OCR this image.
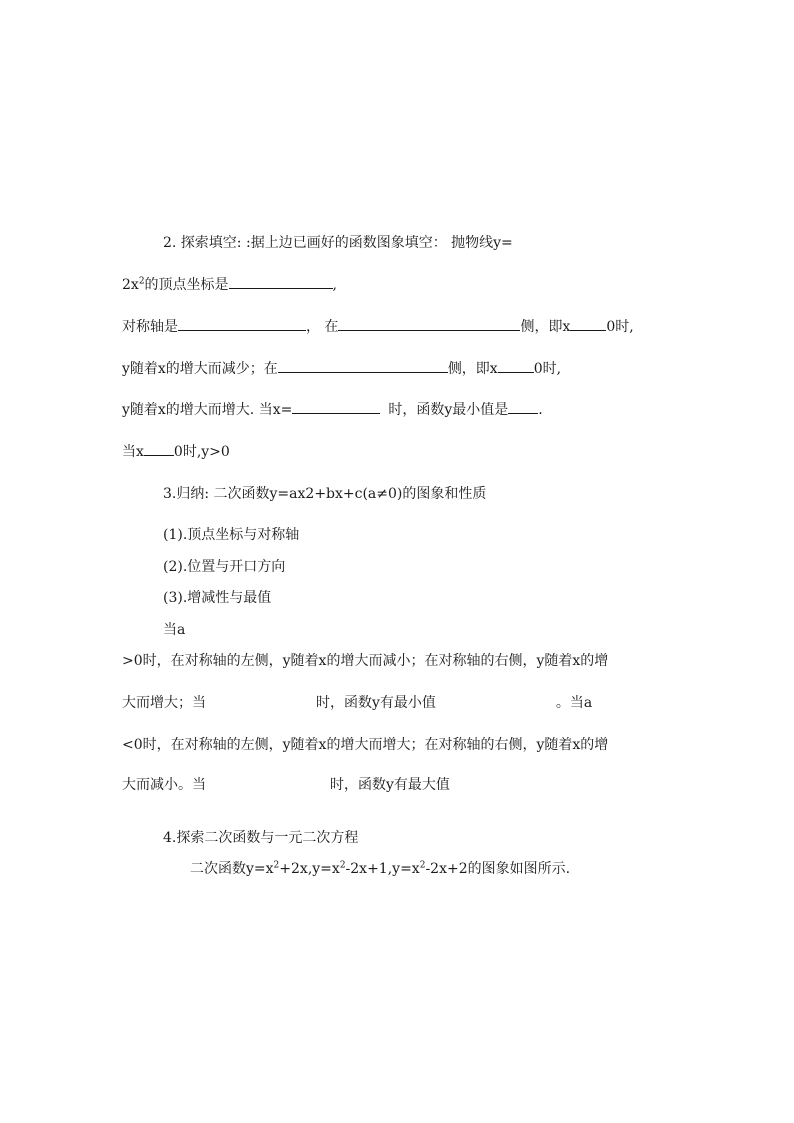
2. 探索填空: :据上边已画好的函数图象填空： 抛物线y=
$2x^2$的顶点坐标是	,
对称轴是	， 在	侧，即x	0时,
y随着x的增大而减少；在	侧，即x	0时,
y随着x的增大而增大. 当x=	时，函数y最小值是 .
当x 0时,y>0
3.归纳: 二次函数y=ax2+bx+c(a≠0)的图象和性质
(1).顶点坐标与对称轴
(2).位置与开口方向
(3).增减性与最值
当a
>0时，在对称轴的左侧，y随着x的增大而减小；在对称轴的右侧，y随着x的增
大而增大；当	时，函数y有最小值	。当a
<0时，在对称轴的左侧，y随着x的增大而增大；在对称轴的右侧，y随着x的增
大而减小。当	时，函数y有最大值
4.探索二次函数与一元二次方程
二次函数$y=x^2+2x,y=x^2-2x+1,y=x^2-2x+2$的图象如图所示.
